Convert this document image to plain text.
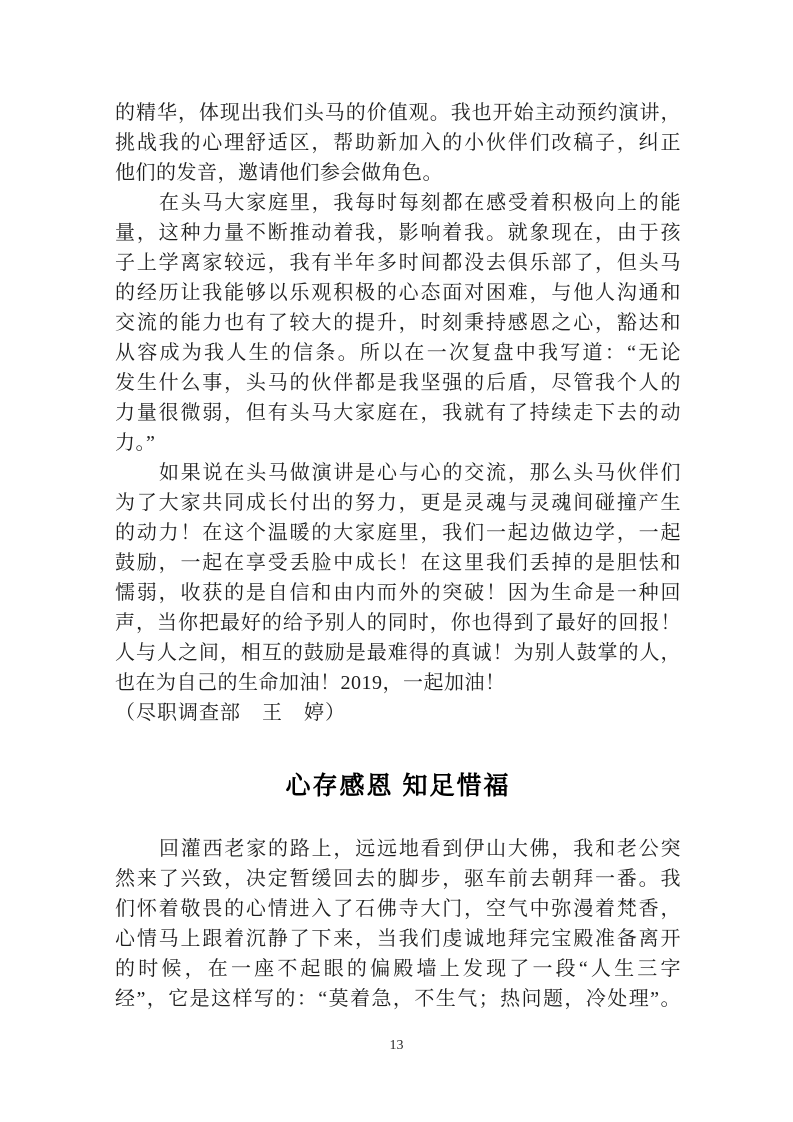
的精华，体现出我们头马的价值观。我也开始主动预约演讲，
挑战我的心理舒适区，帮助新加入的小伙伴们改稿子，纠正
他们的发音，邀请他们参会做角色。
在头马大家庭里，我每时每刻都在感受着积极向上的能
量，这种力量不断推动着我，影响着我。就象现在，由于孩
子上学离家较远，我有半年多时间都没去俱乐部了，但头马
的经历让我能够以乐观积极的心态面对困难，与他人沟通和
交流的能力也有了较大的提升，时刻秉持感恩之心，豁达和
从容成为我人生的信条。所以在一次复盘中我写道：“无论
发生什么事，头马的伙伴都是我坚强的后盾，尽管我个人的
力量很微弱，但有头马大家庭在，我就有了持续走下去的动
力。”
如果说在头马做演讲是心与心的交流，那么头马伙伴们
为了大家共同成长付出的努力，更是灵魂与灵魂间碰撞产生
的动力！在这个温暖的大家庭里，我们一起边做边学，一起
鼓励，一起在享受丢脸中成长！在这里我们丢掉的是胆怯和
懦弱，收获的是自信和由内而外的突破！因为生命是一种回
声，当你把最好的给予别人的同时，你也得到了最好的回报！
人与人之间，相互的鼓励是最难得的真诚！为别人鼓掌的人，
也在为自己的生命加油！2019，一起加油！
（尽职调查部　王　婷）
心存感恩 知足惜福
回灌西老家的路上，远远地看到伊山大佛，我和老公突
然来了兴致，决定暂缓回去的脚步，驱车前去朝拜一番。我
们怀着敬畏的心情进入了石佛寺大门，空气中弥漫着梵香，
心情马上跟着沉静了下来，当我们虔诚地拜完宝殿准备离开
的时候，在一座不起眼的偏殿墙上发现了一段“人生三字
经”，它是这样写的：“莫着急，不生气；热问题，冷处理”。
13
